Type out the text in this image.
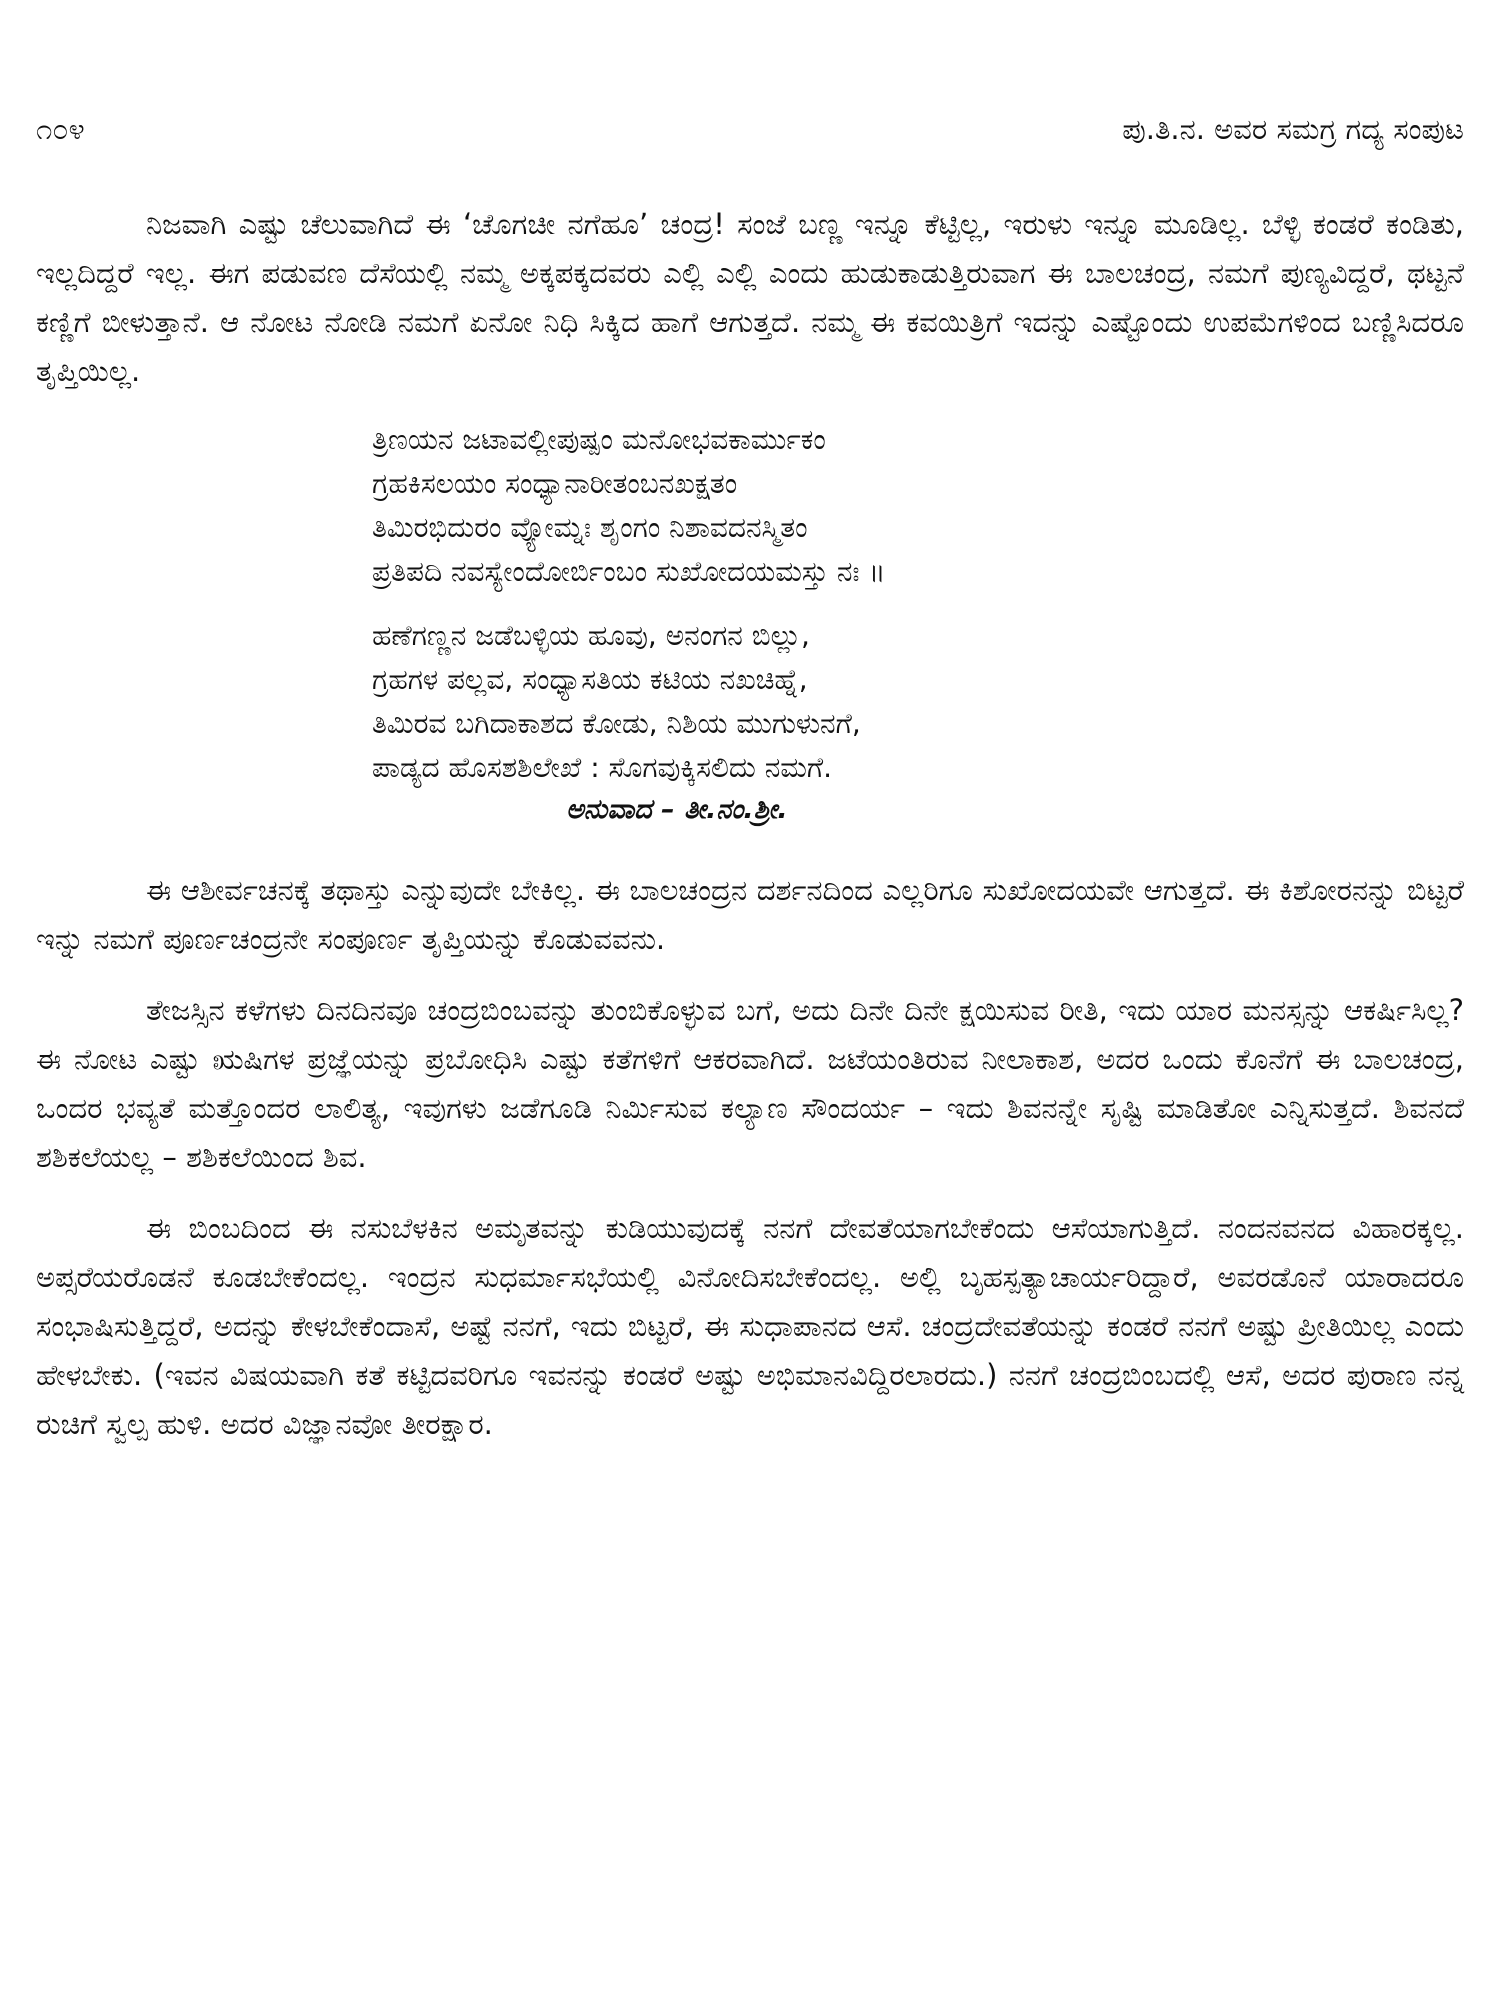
೧೦೪	ಪು.ತಿ.ನ. ಅವರ ಸಮಗ್ರ ಗದ್ಯ ಸಂಪುಟ

ನಿಜವಾಗಿ ಎಷ್ಟು ಚೆಲುವಾಗಿದೆ ಈ ‘ಚೊಗಚೀ ನಗೆಹೂ’ ಚಂದ್ರ! ಸಂಜೆ ಬಣ್ಣ ಇನ್ನೂ ಕೆಟ್ಟಿಲ್ಲ, ಇರುಳು ಇನ್ನೂ ಮೂಡಿಲ್ಲ. ಬೆಳ್ಳಿ ಕಂಡರೆ ಕಂಡಿತು, ಇಲ್ಲದಿದ್ದರೆ ಇಲ್ಲ. ಈಗ ಪಡುವಣ ದೆಸೆಯಲ್ಲಿ ನಮ್ಮ ಅಕ್ಕಪಕ್ಕದವರು ಎಲ್ಲಿ ಎಲ್ಲಿ ಎಂದು ಹುಡುಕಾಡುತ್ತಿರುವಾಗ ಈ ಬಾಲಚಂದ್ರ, ನಮಗೆ ಪುಣ್ಯವಿದ್ದರೆ, ಥಟ್ಟನೆ ಕಣ್ಣಿಗೆ ಬೀಳುತ್ತಾನೆ. ಆ ನೋಟ ನೋಡಿ ನಮಗೆ ಏನೋ ನಿಧಿ ಸಿಕ್ಕಿದ ಹಾಗೆ ಆಗುತ್ತದೆ. ನಮ್ಮ ಈ ಕವಯಿತ್ರಿಗೆ ಇದನ್ನು ಎಷ್ಟೊಂದು ಉಪಮೆಗಳಿಂದ ಬಣ್ಣಿಸಿದರೂ ತೃಪ್ತಿಯಿಲ್ಲ.

ತ್ರಿಣಯನ ಜಟಾವಲ್ಲೀಪುಷ್ಪಂ ಮನೋಭವಕಾರ್ಮುಕಂ
ಗ್ರಹಕಿಸಲಯಂ ಸಂಧ್ಯಾನಾರೀತಂಬನಖಕ್ಷತಂ
ತಿಮಿರಭಿದುರಂ ವ್ಯೋಮ್ನಃ ಶೃಂಗಂ ನಿಶಾವದನಸ್ಮಿತಂ
ಪ್ರತಿಪದಿ ನವಸ್ಯೇಂದೋರ್ಬಿಂಬಂ ಸುಖೋದಯಮಸ್ತು ನಃ ॥
ಹಣೆಗಣ್ಣನ ಜಡೆಬಳ್ಳಿಯ ಹೂವು, ಅನಂಗನ ಬಿಲ್ಲು,
ಗ್ರಹಗಳ ಪಲ್ಲವ, ಸಂಧ್ಯಾಸತಿಯ ಕಟಿಯ ನಖಚಿಹ್ನೆ,
ತಿಮಿರವ ಬಗಿದಾಕಾಶದ ಕೋಡು, ನಿಶಿಯ ಮುಗುಳುನಗೆ,
ಪಾಡ್ಯದ ಹೊಸಶಶಿಲೇಖೆ : ಸೊಗವುಕ್ಕಿಸಲಿದು ನಮಗೆ.
ಅನುವಾದ – ತೀ.ನಂ.ಶ್ರೀ.

ಈ ಆಶೀರ್ವಚನಕ್ಕೆ ತಥಾಸ್ತು ಎನ್ನುವುದೇ ಬೇಕಿಲ್ಲ. ಈ ಬಾಲಚಂದ್ರನ ದರ್ಶನದಿಂದ ಎಲ್ಲರಿಗೂ ಸುಖೋದಯವೇ ಆಗುತ್ತದೆ. ಈ ಕಿಶೋರನನ್ನು ಬಿಟ್ಟರೆ ಇನ್ನು ನಮಗೆ ಪೂರ್ಣಚಂದ್ರನೇ ಸಂಪೂರ್ಣ ತೃಪ್ತಿಯನ್ನು ಕೊಡುವವನು.

ತೇಜಸ್ಸಿನ ಕಳೆಗಳು ದಿನದಿನವೂ ಚಂದ್ರಬಿಂಬವನ್ನು ತುಂಬಿಕೊಳ್ಳುವ ಬಗೆ, ಅದು ದಿನೇ ದಿನೇ ಕ್ಷಯಿಸುವ ರೀತಿ, ಇದು ಯಾರ ಮನಸ್ಸನ್ನು ಆಕರ್ಷಿಸಿಲ್ಲ? ಈ ನೋಟ ಎಷ್ಟು ಋಷಿಗಳ ಪ್ರಜ್ಞೆಯನ್ನು ಪ್ರಬೋಧಿಸಿ ಎಷ್ಟು ಕತೆಗಳಿಗೆ ಆಕರವಾಗಿದೆ. ಜಟೆಯಂತಿರುವ ನೀಲಾಕಾಶ, ಅದರ ಒಂದು ಕೊನೆಗೆ ಈ ಬಾಲಚಂದ್ರ, ಒಂದರ ಭವ್ಯತೆ ಮತ್ತೊಂದರ ಲಾಲಿತ್ಯ, ಇವುಗಳು ಜಡೆಗೂಡಿ ನಿರ್ಮಿಸುವ ಕಲ್ಯಾಣ ಸೌಂದರ್ಯ – ಇದು ಶಿವನನ್ನೇ ಸೃಷ್ಟಿ ಮಾಡಿತೋ ಎನ್ನಿಸುತ್ತದೆ. ಶಿವನದೆ ಶಶಿಕಲೆಯಲ್ಲ – ಶಶಿಕಲೆಯಿಂದ ಶಿವ.

ಈ ಬಿಂಬದಿಂದ ಈ ನಸುಬೆಳಕಿನ ಅಮೃತವನ್ನು ಕುಡಿಯುವುದಕ್ಕೆ ನನಗೆ ದೇವತೆಯಾಗಬೇಕೆಂದು ಆಸೆಯಾಗುತ್ತಿದೆ. ನಂದನವನದ ವಿಹಾರಕ್ಕಲ್ಲ. ಅಪ್ಸರೆಯರೊಡನೆ ಕೂಡಬೇಕೆಂದಲ್ಲ. ಇಂದ್ರನ ಸುಧರ್ಮಾಸಭೆಯಲ್ಲಿ ವಿನೋದಿಸಬೇಕೆಂದಲ್ಲ. ಅಲ್ಲಿ ಬೃಹಸ್ಪತ್ಯಾಚಾರ್ಯರಿದ್ದಾರೆ, ಅವರಡೊನೆ ಯಾರಾದರೂ ಸಂಭಾಷಿಸುತ್ತಿದ್ದರೆ, ಅದನ್ನು ಕೇಳಬೇಕೆಂದಾಸೆ, ಅಷ್ಟೆ ನನಗೆ, ಇದು ಬಿಟ್ಟರೆ, ಈ ಸುಧಾಪಾನದ ಆಸೆ. ಚಂದ್ರದೇವತೆಯನ್ನು ಕಂಡರೆ ನನಗೆ ಅಷ್ಟು ಪ್ರೀತಿಯಿಲ್ಲ ಎಂದು ಹೇಳಬೇಕು. (ಇವನ ವಿಷಯವಾಗಿ ಕತೆ ಕಟ್ಟಿದವರಿಗೂ ಇವನನ್ನು ಕಂಡರೆ ಅಷ್ಟು ಅಭಿಮಾನವಿದ್ದಿರಲಾರದು.) ನನಗೆ ಚಂದ್ರಬಿಂಬದಲ್ಲಿ ಆಸೆ, ಅದರ ಪುರಾಣ ನನ್ನ ರುಚಿಗೆ ಸ್ವಲ್ಪ ಹುಳಿ. ಅದರ ವಿಜ್ಞಾನವೋ ತೀರಕ್ಷಾರ.
